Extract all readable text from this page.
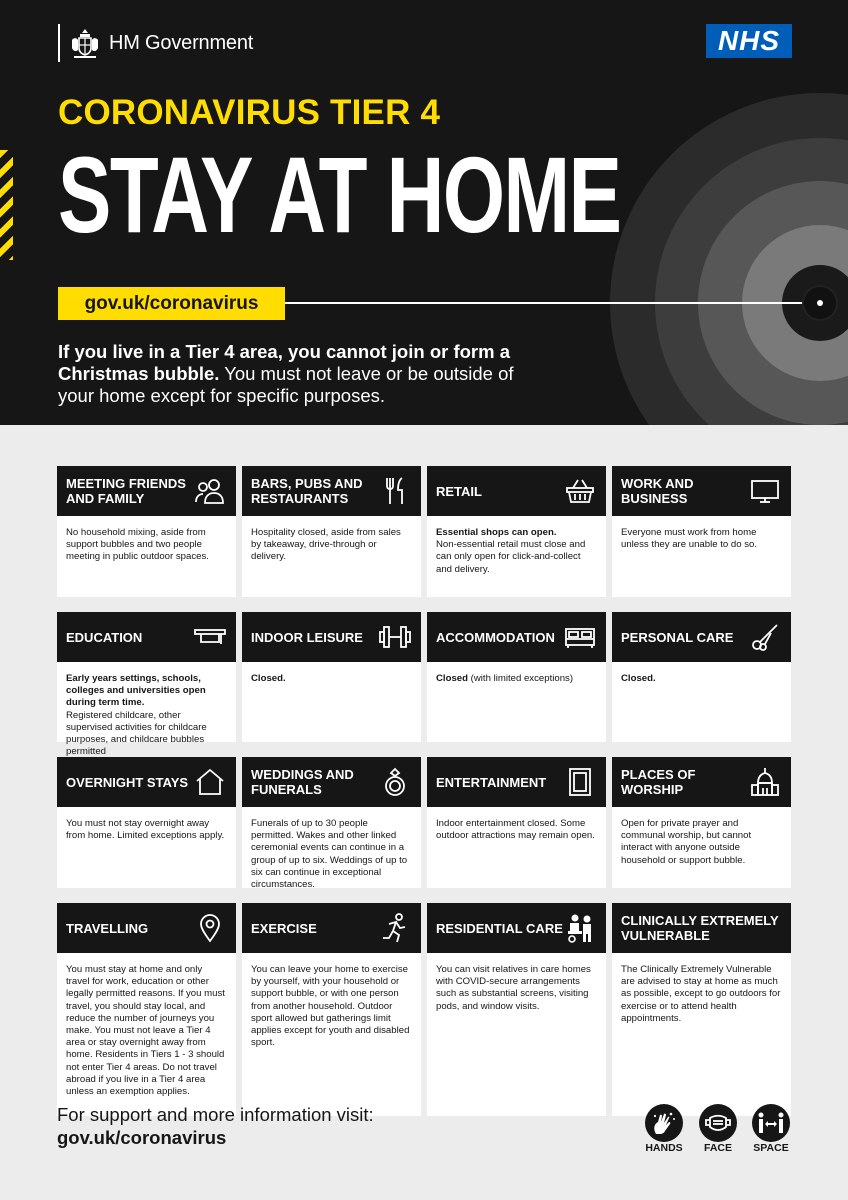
HM Government	NHS
CORONAVIRUS TIER 4
STAY AT HOME
gov.uk/coronavirus
If you live in a Tier 4 area, you cannot join or form a Christmas bubble. You must not leave or be outside of your home except for specific purposes.
MEETING FRIENDS AND FAMILY
No household mixing, aside from support bubbles and two people meeting in public outdoor spaces.
BARS, PUBS AND RESTAURANTS
Hospitality closed, aside from sales by takeaway, drive-through or delivery.
RETAIL
Essential shops can open.
Non-essential retail must close and can only open for click-and-collect and delivery.
WORK AND BUSINESS
Everyone must work from home unless they are unable to do so.
EDUCATION
Early years settings, schools, colleges and universities open during term time.
Registered childcare, other supervised activities for childcare purposes, and childcare bubbles permitted
INDOOR LEISURE
Closed.
ACCOMMODATION
Closed (with limited exceptions)
PERSONAL CARE
Closed.
OVERNIGHT STAYS
You must not stay overnight away from home. Limited exceptions apply.
WEDDINGS AND FUNERALS
Funerals of up to 30 people permitted. Wakes and other linked ceremonial events can continue in a group of up to six. Weddings of up to six can continue in exceptional circumstances.
ENTERTAINMENT
Indoor entertainment closed. Some outdoor attractions may remain open.
PLACES OF WORSHIP
Open for private prayer and communal worship, but cannot interact with anyone outside household or support bubble.
TRAVELLING
You must stay at home and only travel for work, education or other legally permitted reasons. If you must travel, you should stay local, and reduce the number of journeys you make. You must not leave a Tier 4 area or stay overnight away from home. Residents in Tiers 1 - 3 should not enter Tier 4 areas. Do not travel abroad if you live in a Tier 4 area unless an exemption applies.
EXERCISE
You can leave your home to exercise by yourself, with your household or support bubble, or with one person from another household. Outdoor sport allowed but gatherings limit applies except for youth and disabled sport.
RESIDENTIAL CARE
You can visit relatives in care homes with COVID-secure arrangements such as substantial screens, visiting pods, and window visits.
CLINICALLY EXTREMELY VULNERABLE
The Clinically Extremely Vulnerable are advised to stay at home as much as possible, except to go outdoors for exercise or to attend health appointments.
For support and more information visit:
gov.uk/coronavirus	HANDS	FACE	SPACE
